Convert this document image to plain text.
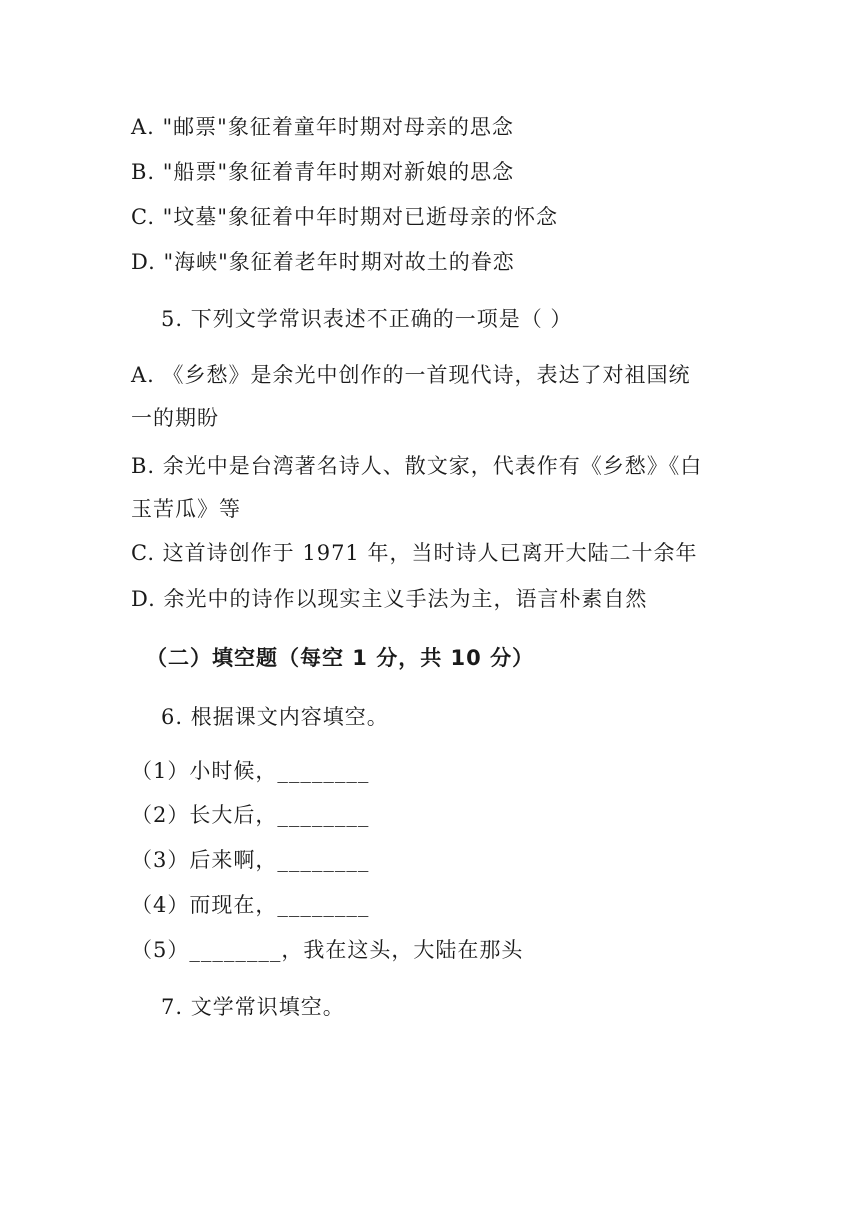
A. "邮票"象征着童年时期对母亲的思念
B. "船票"象征着青年时期对新娘的思念
C. "坟墓"象征着中年时期对已逝母亲的怀念
D. "海峡"象征着老年时期对故土的眷恋
5. 下列文学常识表述不正确的一项是（ ）
A. 《乡愁》是余光中创作的一首现代诗，表达了对祖国统
一的期盼
B. 余光中是台湾著名诗人、散文家，代表作有《乡愁》《白
玉苦瓜》等
C. 这首诗创作于 1971 年，当时诗人已离开大陆二十余年
D. 余光中的诗作以现实主义手法为主，语言朴素自然
（二）填空题（每空 1 分，共 10 分）
6. 根据课文内容填空。
（1）小时候，________
（2）长大后，________
（3）后来啊，________
（4）而现在，________
（5）________，我在这头，大陆在那头
7. 文学常识填空。
